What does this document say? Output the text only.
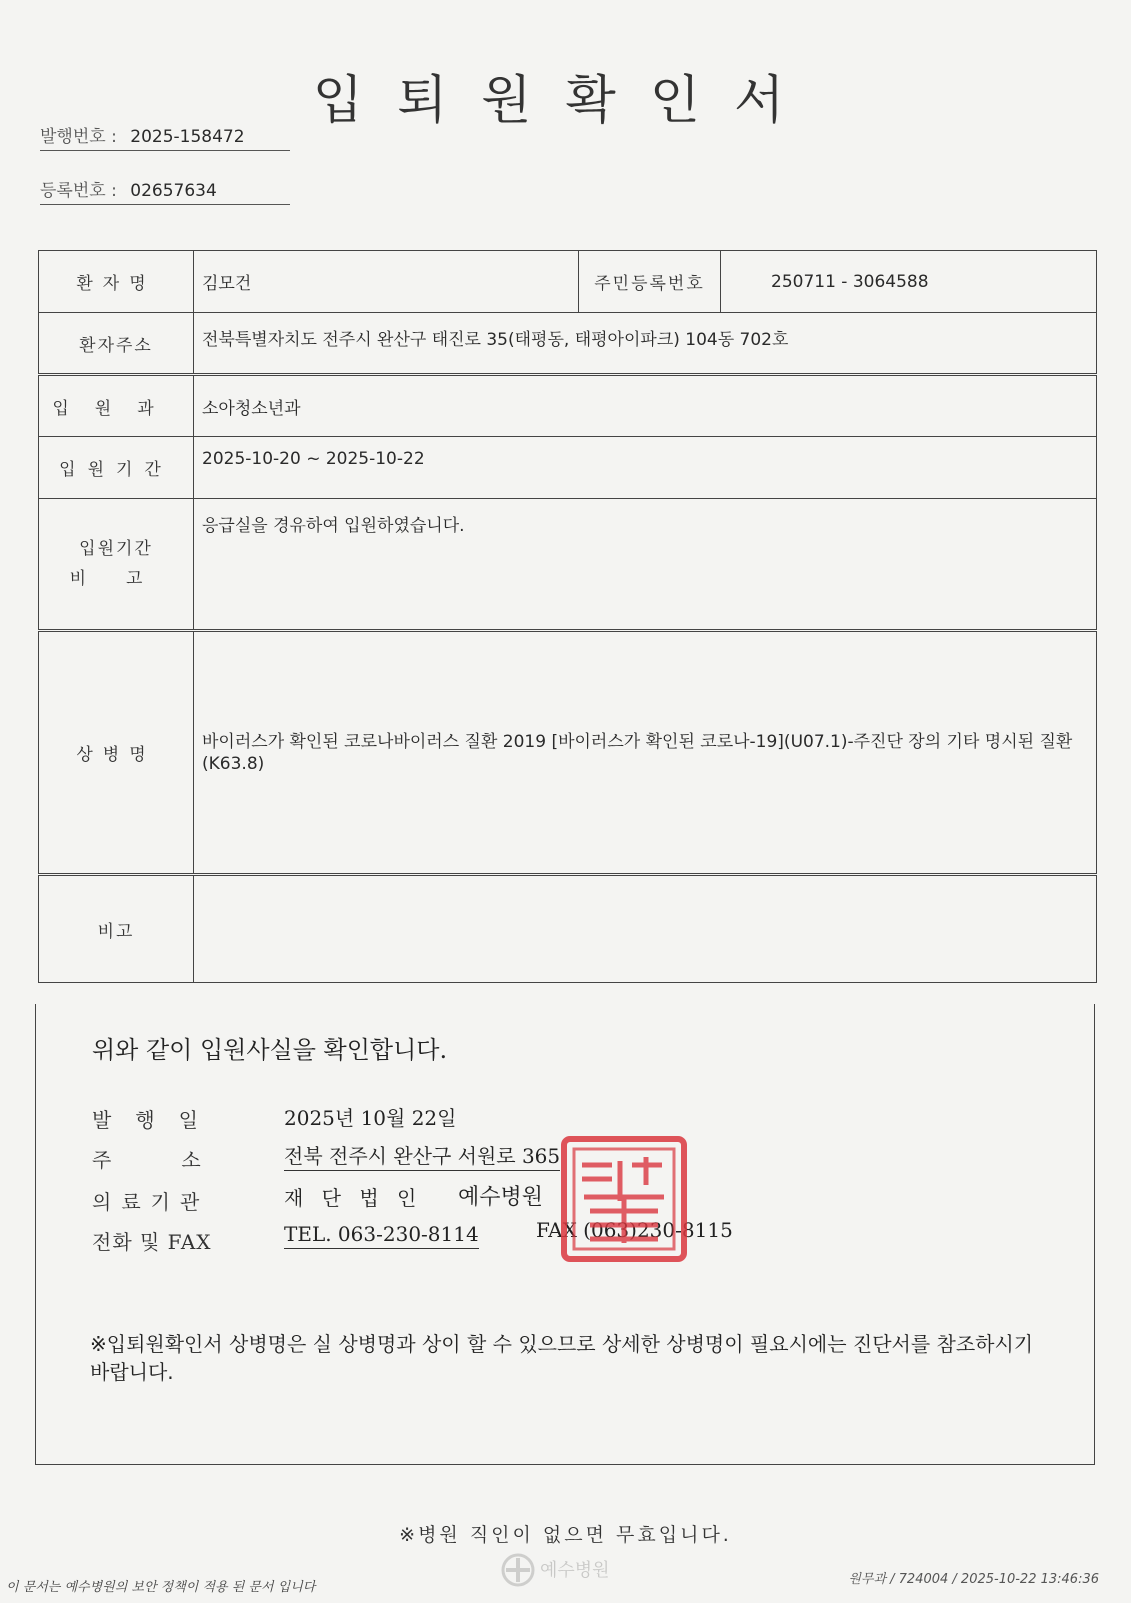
입퇴원확인서
발행번호 : 2025-158472
등록번호 : 02657634
환자명	김모건	주민등록번호	250711 - 3064588
환자주소	전북특별자치도 전주시 완산구 태진로 35(태평동, 태평아이파크) 104동 702호		
입원과	소아청소년과		
입원기간	2025-10-20 ~ 2025-10-22		

입원기간
비고	응급실을 경유하여 입원하였습니다.		
상병명	바이러스가 확인된 코로나바이러스 질환 2019 [바이러스가 확인된 코로나-19](U07.1)-주진단 장의 기타 명시된 질환(K63.8)		
비고			
위와 같이 입원사실을 확인합니다.
발행일	2025년 10월 22일
주소 전북 전주시 완산구 서원로 365
의료기관	재 단 법 인 예수병원
전화 및 FAX	TEL. 063-230-8114	FAX (063)230-8115
※입퇴원확인서 상병명은 실 상병명과 상이 할 수 있으므로 상세한 상병명이 필요시에는 진단서를 참조하시기 바랍니다.
※병원 직인이 없으면 무효입니다.
예수병원
이 문서는 예수병원의 보안 정책이 적용 된 문서 입니다
원무과 / 724004 / 2025-10-22 13:46:36
